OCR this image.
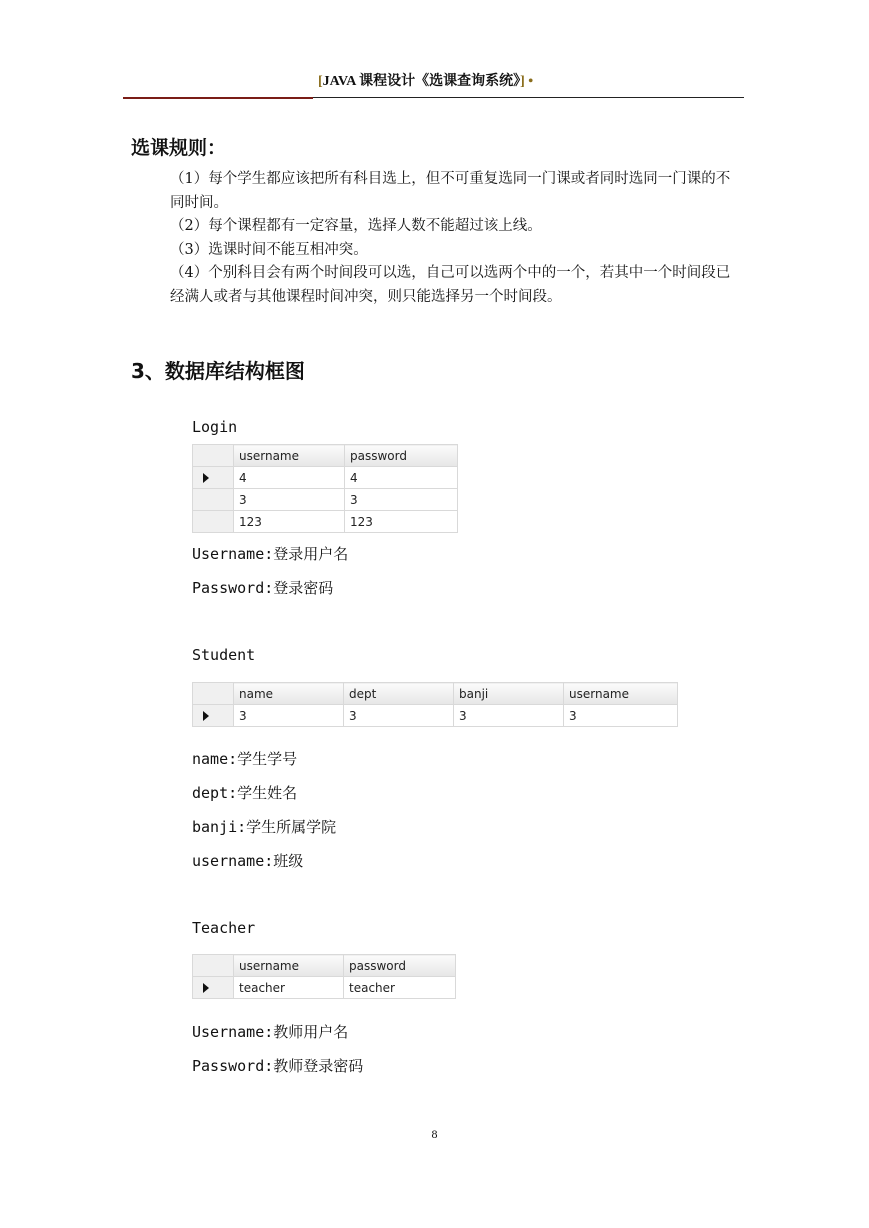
[JAVA 课程设计《选课查询系统》] •
选课规则：

（1）每个学生都应该把所有科目选上，但不可重复选同一门课或者同时选同一门课的不同时间。

（2）每个课程都有一定容量，选择人数不能超过该上线。

（3）选课时间不能互相冲突。

（4）个别科目会有两个时间段可以选，自己可以选两个中的一个，若其中一个时间段已经满人或者与其他课程时间冲突，则只能选择另一个时间段。

3、数据库结构框图
Login
	username	password
	4	4
	3	3
	123	123
Username:登录用户名
Password:登录密码
Student
	name	dept	banji	username
	3	3	3	3
name:学生学号
dept:学生姓名
banji:学生所属学院
username:班级
Teacher
	username	password
	teacher	teacher
Username:教师用户名
Password:教师登录密码
8
